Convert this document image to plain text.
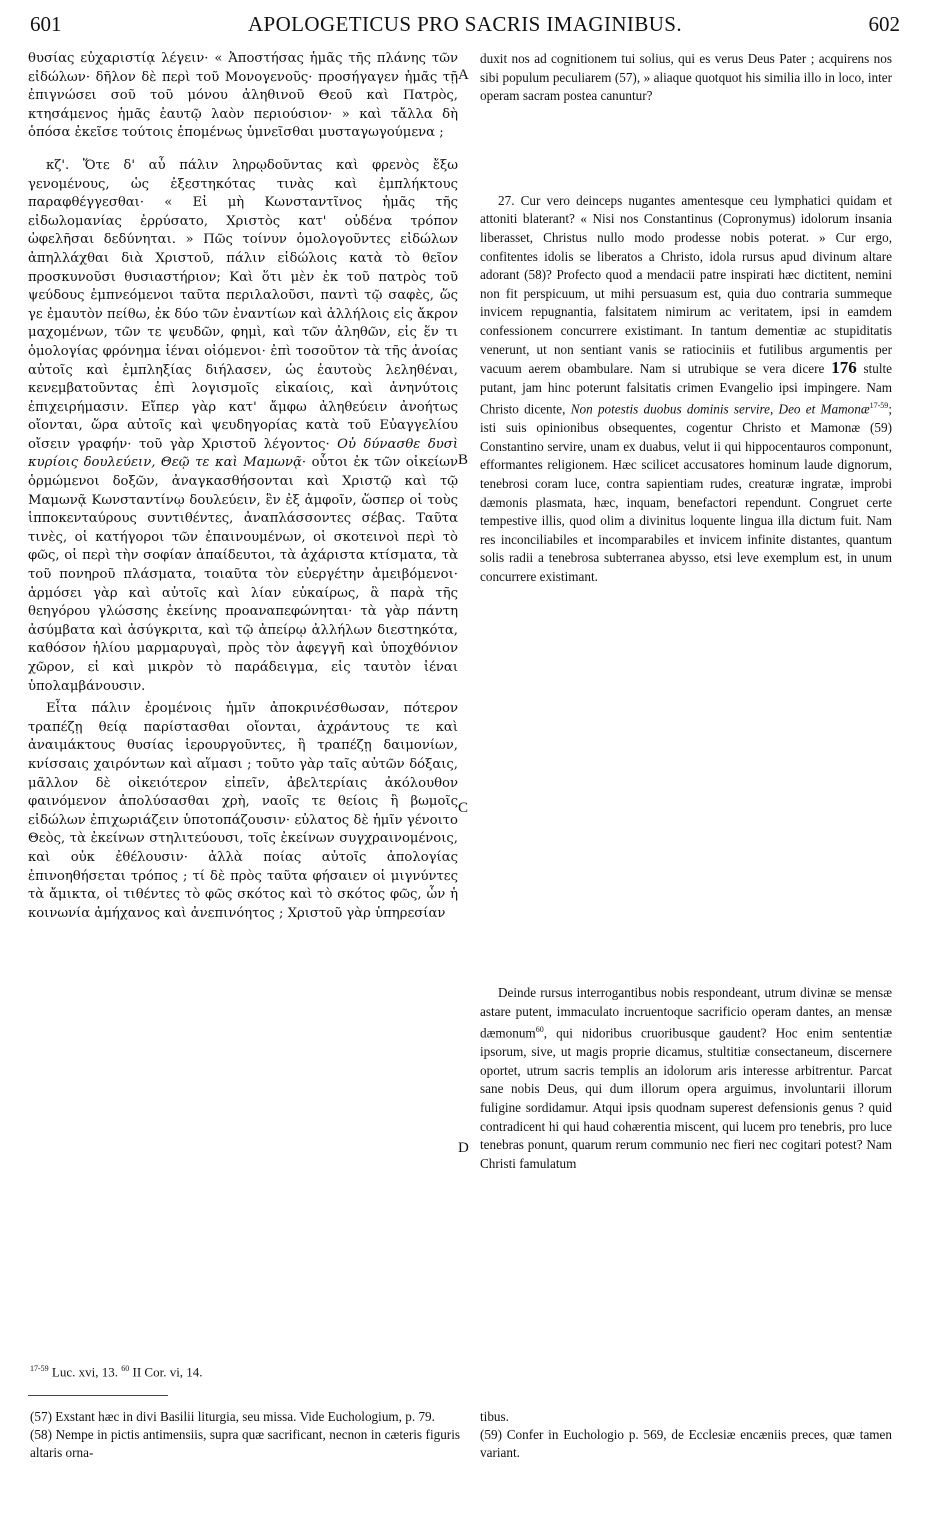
601	APOLOGETICUS PRO SACRIS IMAGINIBUS.	602

θυσίας εὐχαριστίᾳ λέγειν· « Ἀποστήσας ἡμᾶς τῆς πλάνης τῶν εἰδώλων· δῆλον δὲ περὶ τοῦ Μονογενοῦς· προσήγαγεν ἡμᾶς τῇ ἐπιγνώσει σοῦ τοῦ μόνου ἀληθινοῦ Θεοῦ καὶ Πατρὸς, κτησάμενος ἡμᾶς ἑαυτῷ λαὸν περιούσιον· » καὶ τἄλλα δὴ ὁπόσα ἐκεῖσε τούτοις ἑπομένως ὑμνεῖσθαι μυσταγωγούμενα ;

κζ'. Ὅτε δ' αὖ πάλιν ληρῳδοῦντας καὶ φρενὸς ἔξω γενομένους, ὡς ἐξεστηκότας τινὰς καὶ ἐμπλήκτους παραφθέγγεσθαι· « Εἰ μὴ Κωνσταντῖνος ἡμᾶς τῆς εἰδωλομανίας ἐρρύσατο, Χριστὸς κατ' οὐδένα τρόπον ὠφελῆσαι δεδύνηται. » Πῶς τοίνυν ὁμολογοῦντες εἰδώλων ἀπηλλάχθαι διὰ Χριστοῦ, πάλιν εἰδώλοις κατὰ τὸ θεῖον προσκυνοῦσι θυσιαστήριον; Καὶ ὅτι μὲν ἐκ τοῦ πατρὸς τοῦ ψεύδους ἐμπνεόμενοι ταῦτα περιλαλοῦσι, παντὶ τῷ σαφὲς, ὥς γε ἐμαυτὸν πείθω, ἐκ δύο τῶν ἐναντίων καὶ ἀλλήλοις εἰς ἄκρον μαχομένων, τῶν τε ψευδῶν, φημὶ, καὶ τῶν ἀληθῶν, εἰς ἕν τι ὁμολογίας φρόνημα ἰέναι οἰόμενοι· ἐπὶ τοσοῦτον τὰ τῆς ἀνοίας αὐτοῖς καὶ ἐμπληξίας διήλασεν, ὡς ἑαυτοὺς λεληθέναι, κενεμβατοῦντας ἐπὶ λογισμοῖς εἰκαίοις, καὶ ἀνηνύτοις ἐπιχειρήμασιν. Εἴπερ γὰρ κατ' ἄμφω ἀληθεύειν ἀνοήτως οἴονται, ὥρα αὐτοῖς καὶ ψευδηγορίας κατὰ τοῦ Εὐαγγελίου οἴσειν γραφήν· τοῦ γὰρ Χριστοῦ λέγοντος· Οὐ δύνασθε δυσὶ κυρίοις δουλεύειν, Θεῷ τε καὶ Μαμωνᾷ· οὗτοι ἐκ τῶν οἰκείων ὁρμώμενοι δοξῶν, ἀναγκασθήσονται καὶ Χριστῷ καὶ τῷ Μαμωνᾷ Κωνσταντίνῳ δουλεύειν, ἓν ἐξ ἀμφοῖν, ὥσπερ οἱ τοὺς ἱπποκενταύρους συντιθέντες, ἀναπλάσσοντες σέβας. Ταῦτα τινὲς, οἱ κατήγοροι τῶν ἐπαινουμένων, οἱ σκοτεινοὶ περὶ τὸ φῶς, οἱ περὶ τὴν σοφίαν ἀπαίδευτοι, τὰ ἀχάριστα κτίσματα, τὰ τοῦ πονηροῦ πλάσματα, τοιαῦτα τὸν εὐεργέτην ἀμειβόμενοι· ἁρμόσει γὰρ καὶ αὐτοῖς καὶ λίαν εὐκαίρως, ἃ παρὰ τῆς θεηγόρου γλώσσης ἐκείνης προαναπεφώνηται· τὰ γὰρ πάντη ἀσύμβατα καὶ ἀσύγκριτα, καὶ τῷ ἀπείρῳ ἀλλήλων διεστηκότα, καθόσον ἡλίου μαρμαρυγαὶ, πρὸς τὸν ἀφεγγῆ καὶ ὑποχθόνιον χῶρον, εἰ καὶ μικρὸν τὸ παράδειγμα, εἰς ταυτὸν ἰέναι ὑπολαμβάνουσιν.

Εἶτα πάλιν ἐρομένοις ἡμῖν ἀποκρινέσθωσαν, πότερον τραπέζῃ θείᾳ παρίστασθαι οἴονται, ἀχράντους τε καὶ ἀναιμάκτους θυσίας ἱερουργοῦντες, ἢ τραπέζῃ δαιμονίων, κνίσσαις χαιρόντων καὶ αἵμασι ; τοῦτο γὰρ ταῖς αὐτῶν δόξαις, μᾶλλον δὲ οἰκειότερον εἰπεῖν, ἀβελτερίαις ἀκόλουθον φαινόμενον ἀπολύσασθαι χρὴ, ναοῖς τε θείοις ἢ βωμοῖς εἰδώλων ἐπιχωριάζειν ὑποτοπάζουσιν· εὐλατος δὲ ἡμῖν γένοιτο Θεὸς, τὰ ἐκείνων στηλιτεύουσι, τοῖς ἐκείνων συγχραινομένοις, καὶ οὐκ ἐθέλουσιν· ἀλλὰ ποίας αὐτοῖς ἀπολογίας ἐπινοηθήσεται τρόπος ; τί δὲ πρὸς ταῦτα φήσαιεν οἱ μιγνύντες τὰ ἄμικτα, οἱ τιθέντες τὸ φῶς σκότος καὶ τὸ σκότος φῶς, ὧν ἡ κοινωνία ἀμήχανος καὶ ἀνεπινόητος ; Χριστοῦ γὰρ ὑπηρεσίαν

A
B
C
D

duxit nos ad cognitionem tui solius, qui es verus Deus Pater ; acquirens nos sibi populum peculiarem (57), » aliaque quotquot his similia illo in loco, inter operam sacram postea canuntur?

27. Cur vero deinceps nugantes amentesque ceu lymphatici quidam et attoniti blaterant? « Nisi nos Constantinus (Copronymus) idolorum insania liberasset, Christus nullo modo prodesse nobis poterat. » Cur ergo, confitentes idolis se liberatos a Christo, idola rursus apud divinum altare adorant (58)? Profecto quod a mendacii patre inspirati hæc dictitent, nemini non fit perspicuum, ut mihi persuasum est, quia duo contraria summeque invicem repugnantia, falsitatem nimirum ac veritatem, ipsi in eamdem confessionem concurrere existimant. In tantum dementiæ ac stupiditatis venerunt, ut non sentiant vanis se ratiociniis et futilibus argumentis per vacuum aerem obambulare. Nam si utrubique se vera dicere 176 stulte putant, jam hinc poterunt falsitatis crimen Evangelio ipsi impingere. Nam Christo dicente, Non potestis duobus dominis servire, Deo et Mamonæ$^{17-59}$; isti suis opinionibus obsequentes, cogentur Christo et Mamonæ (59) Constantino servire, unam ex duabus, velut ii qui hippocentauros componunt, efformantes religionem. Hæc scilicet accusatores hominum laude dignorum, tenebrosi coram luce, contra sapientiam rudes, creaturæ ingratæ, improbi dæmonis plasmata, hæc, inquam, benefactori rependunt. Congruet certe tempestive illis, quod olim a divinitus loquente lingua illa dictum fuit. Nam res inconciliabiles et incomparabiles et invicem infinite distantes, quantum solis radii a tenebrosa subterranea abyssο, etsi leve exemplum est, in unum concurrere existimant.

Deinde rursus interrogantibus nobis respondeant, utrum divinæ se mensæ astare putent, immaculato incruentoque sacrificio operam dantes, an mensæ dæmonum$^{60}$, qui nidoribus cruoribusque gaudent? Hoc enim sententiæ ipsorum, sive, ut magis proprie dicamus, stultitiæ consectaneum, discernere oportet, utrum sacris templis an idolorum aris interesse arbitrentur. Parcat sane nobis Deus, qui dum illorum opera arguimus, involuntarii illorum fuligine sordidamur. Atqui ipsis quodnam superest defensionis genus ? quid contradicent hi qui haud cohærentia miscent, qui lucem pro tenebris, pro luce tenebras ponunt, quarum rerum communio nec fieri nec cogitari potest? Nam Christi famulatum

$^{17-59}$ Luc. xvi, 13. $^{60}$ II Cor. vi, 14.

(57) Exstant hæc in divi Basilii liturgia, seu missa. Vide Euchologium, p. 79.

(58) Nempe in pictis antimensiis, supra quæ sacrificant, necnon in cæteris figuris altaris orna-

tibus.

(59) Confer in Euchologio p. 569, de Ecclesiæ encæniis preces, quæ tamen variant.
